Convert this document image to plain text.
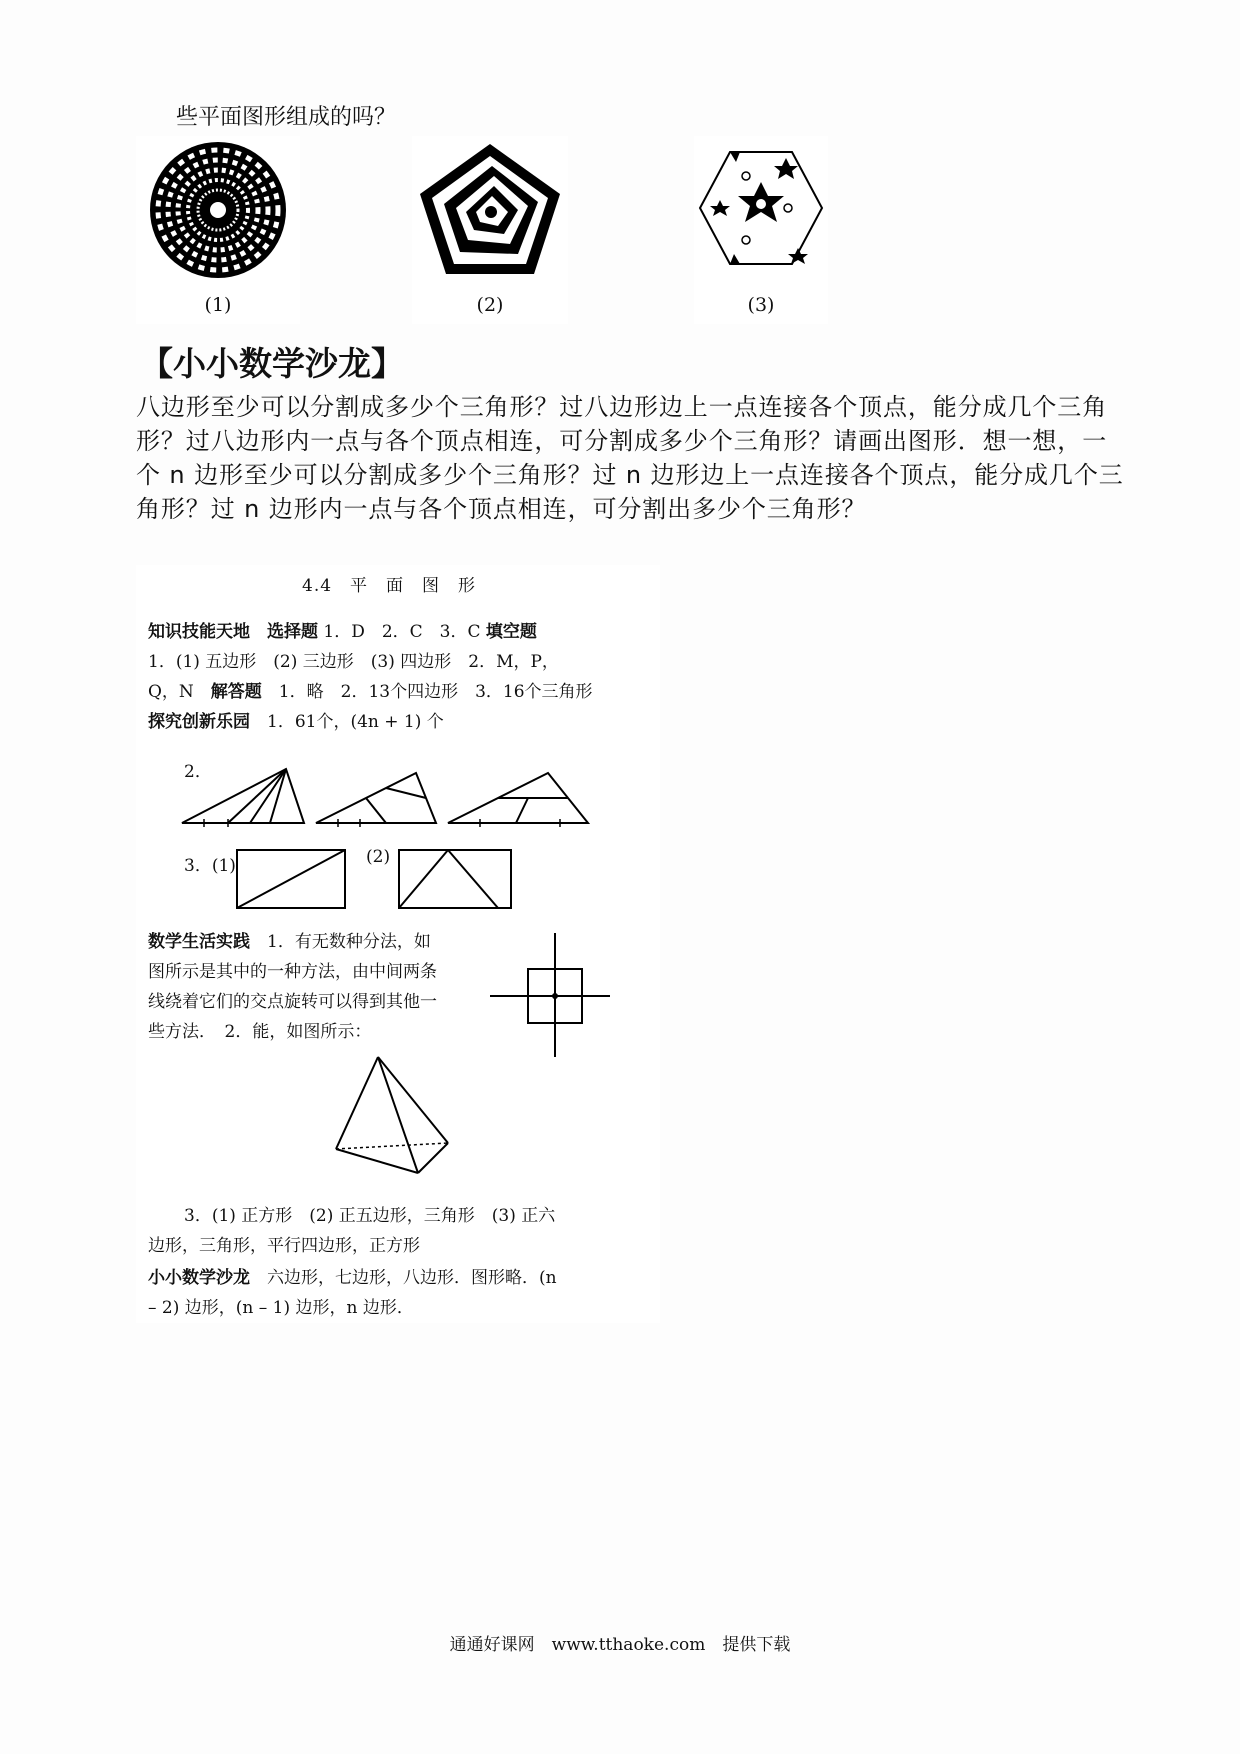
些平面图形组成的吗？
(1)	(2)	(3)
【小小数学沙龙】
八边形至少可以分割成多少个三角形？过八边形边上一点连接各个顶点，能分成几个三角
形？过八边形内一点与各个顶点相连，可分割成多少个三角形？请画出图形．想一想，一
个 n 边形至少可以分割成多少个三角形？过 n 边形边上一点连接各个顶点，能分成几个三
角形？过 n 边形内一点与各个顶点相连，可分割出多少个三角形？
4.4　平　面　图　形
知识技能天地　选择题 1．D　2．C　3．C 填空题
1．(1) 五边形　(2) 三边形　(3) 四边形　2．M，P，
Q，N　解答题　1．略　2．13个四边形　3．16个三角形
探究创新乐园　1．61个，(4n + 1) 个
2．
3．(1)	(2)
数学生活实践　1．有无数种分法，如
图所示是其中的一种方法，由中间两条
线绕着它们的交点旋转可以得到其他一
些方法．　2．能，如图所示：
3．(1) 正方形　(2) 正五边形，三角形　(3) 正六
边形，三角形，平行四边形，正方形
小小数学沙龙　六边形，七边形，八边形．图形略．(n
– 2) 边形，(n – 1) 边形，n 边形．
通通好课网　www.tthaoke.com　提供下载
